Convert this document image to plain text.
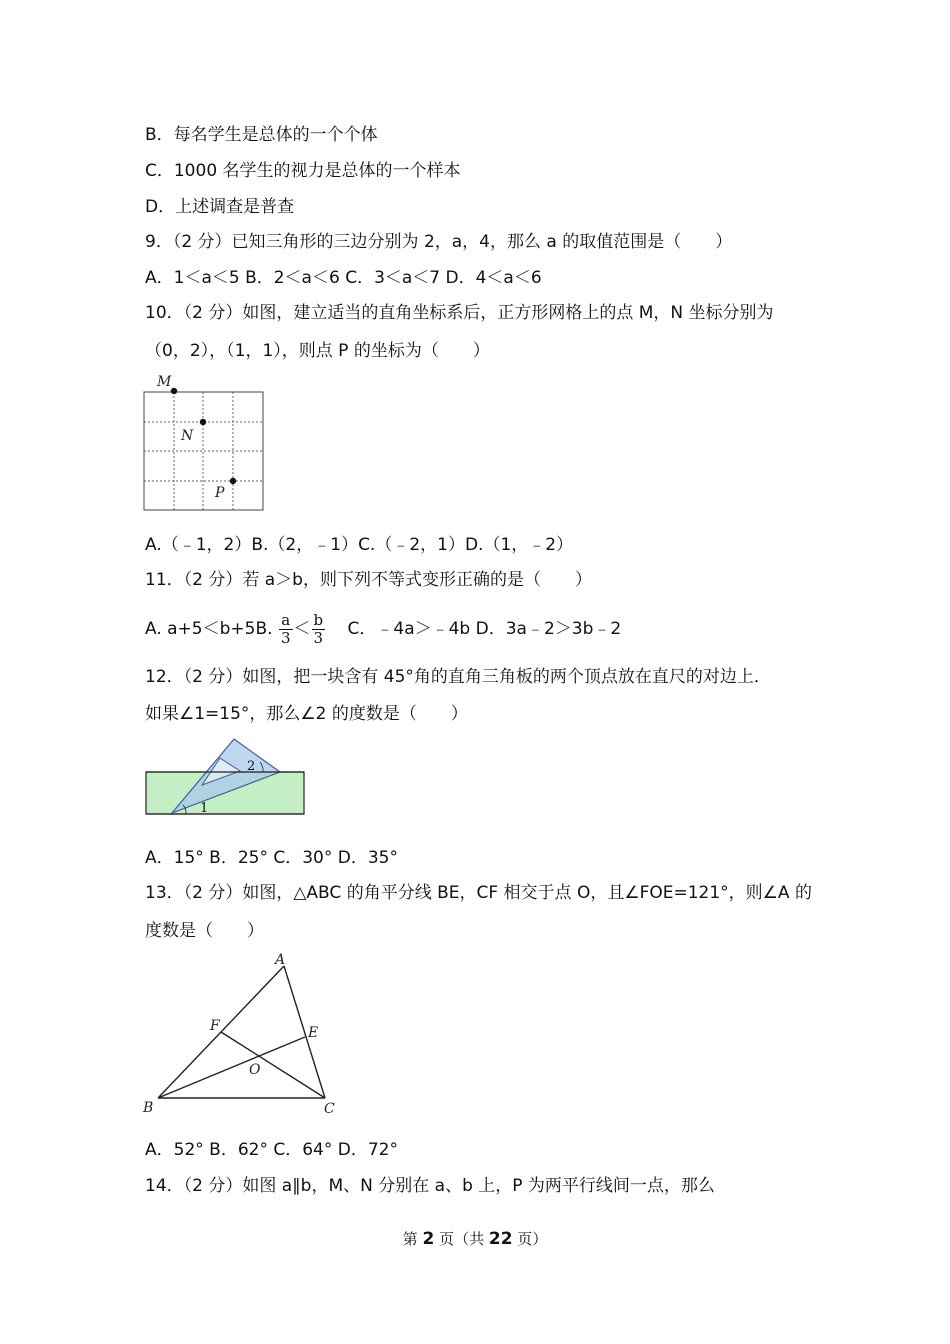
B．每名学生是总体的一个个体
C．1000 名学生的视力是总体的一个样本
D．上述调查是普查
9．（2 分）已知三角形的三边分别为 2，a，4，那么 a 的取值范围是（　　）
A．1＜a＜5 B．2＜a＜6 C．3＜a＜7 D．4＜a＜6
10．（2 分）如图，建立适当的直角坐标系后，正方形网格上的点 M，N 坐标分别为
（0，2），（1，1），则点 P 的坐标为（　　）
M
N
P
A.（﹣1，2）B.（2，﹣1）C.（﹣2，1）D.（1，﹣2）
11．（2 分）若 a＞b，则下列不等式变形正确的是（　　）
A. a+5＜b+5B. $\frac{a}{3} < \frac{b}{3}$ C．﹣4a＞﹣4b D．3a﹣2＞3b﹣2
12．（2 分）如图，把一块含有 45°角的直角三角板的两个顶点放在直尺的对边上．
如果∠1=15°，那么∠2 的度数是（　　）
2
1
A．15° B．25° C．30° D．35°
13．（2 分）如图，△ABC 的角平分线 BE，CF 相交于点 O，且∠FOE=121°，则∠A 的
度数是（　　）
A
B	C
E
F
O
A．52° B．62° C．64° D．72°
14．（2 分）如图 a∥b，M、N 分别在 a、b 上，P 为两平行线间一点，那么
第 2 页（共 22 页）
